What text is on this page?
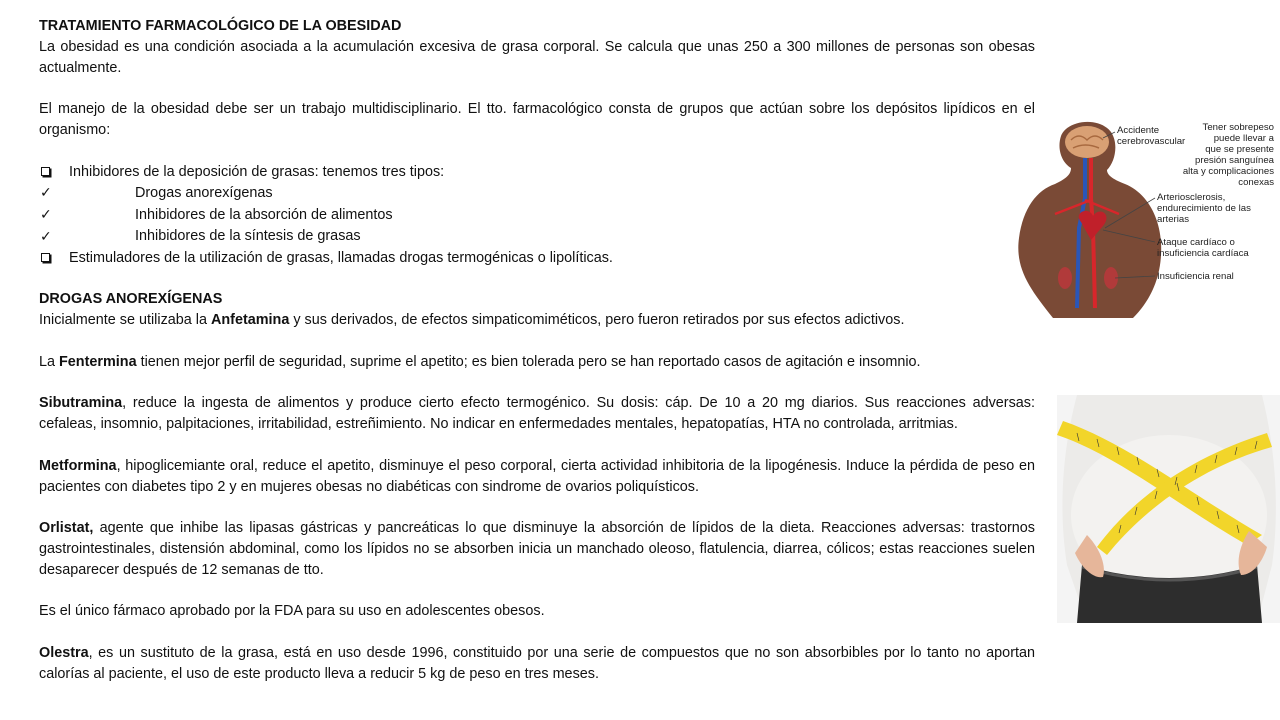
TRATAMIENTO FARMACOLÓGICO DE LA OBESIDAD

La obesidad es una condición asociada a la acumulación excesiva de grasa corporal. Se calcula que unas 250 a 300 millones de personas son obesas actualmente.

El manejo de la obesidad debe ser un trabajo multidisciplinario. El tto. farmacológico consta de grupos que actúan sobre los depósitos lipídicos en el organismo:

Inhibidores de la deposición de grasas: tenemos tres tipos:
✓	Drogas anorexígenas
✓	Inhibidores de la absorción de alimentos
✓	Inhibidores de la síntesis de grasas
Estimuladores de la utilización de grasas, llamadas drogas termogénicas o lipolíticas.

DROGAS ANOREXÍGENAS

Inicialmente se utilizaba la Anfetamina y sus derivados, de efectos simpaticomiméticos, pero fueron retirados por sus efectos adictivos.

La Fentermina tienen mejor perfil de seguridad, suprime el apetito; es bien tolerada pero se han reportado casos de agitación e insomnio.

Sibutramina, reduce la ingesta de alimentos y produce cierto efecto termogénico. Su dosis: cáp. De 10 a 20 mg diarios. Sus reacciones adversas: cefaleas, insomnio, palpitaciones, irritabilidad, estreñimiento. No indicar en enfermedades mentales, hepatopatías, HTA no controlada, arritmias.

Metformina, hipoglicemiante oral, reduce el apetito, disminuye el peso corporal, cierta actividad inhibitoria de la lipogénesis. Induce la pérdida de peso en pacientes con diabetes tipo 2 y en mujeres obesas no diabéticas con sindrome de ovarios poliquísticos.

Orlistat, agente que inhibe las lipasas gástricas y pancreáticas lo que disminuye la absorción de lípidos de la dieta. Reacciones adversas: trastornos gastrointestinales, distensión abdominal, como los lípidos no se absorben inicia un manchado oleoso, flatulencia, diarrea, cólicos; estas reacciones suelen desaparecer después de 12 semanas de tto.

Es el único fármaco aprobado por la FDA para su uso en adolescentes obesos.

Olestra, es un sustituto de la grasa, está en uso desde 1996, constituido por una serie de compuestos que no son absorbibles por lo tanto no aportan calorías al paciente, el uso de este producto lleva a reducir 5 kg de peso en tres meses.

Accidente
cerebrovascular
Tener sobrepeso
puede llevar a
que se presente
presión sanguínea
alta y complicaciones
conexas
Arteriosclerosis,
endurecimiento de las
arterias
Ataque cardíaco o
insuficiencia cardíaca
Insuficiencia renal
